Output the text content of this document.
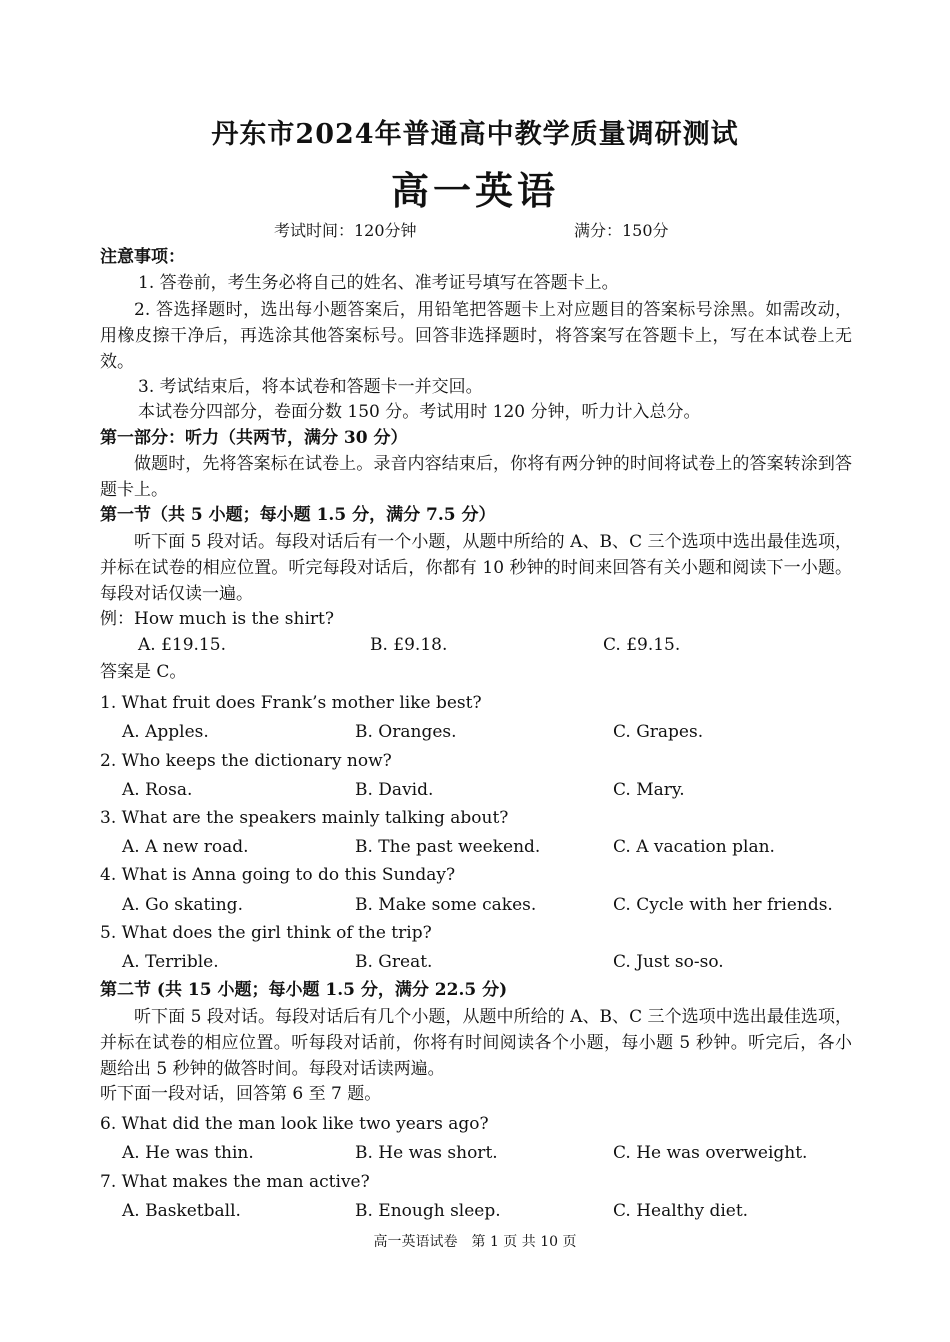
丹东市2024年普通高中教学质量调研测试
高一英语
考试时间：120分钟	满分：150分
注意事项：
1. 答卷前，考生务必将自己的姓名、准考证号填写在答题卡上。
2. 答选择题时，选出每小题答案后，用铅笔把答题卡上对应题目的答案标号涂黑。如需改动，用橡皮擦干净后，再选涂其他答案标号。回答非选择题时，将答案写在答题卡上，写在本试卷上无效。
3. 考试结束后，将本试卷和答题卡一并交回。
本试卷分四部分，卷面分数 150 分。考试用时 120 分钟，听力计入总分。
第一部分：听力（共两节，满分 30 分）
做题时，先将答案标在试卷上。录音内容结束后，你将有两分钟的时间将试卷上的答案转涂到答题卡上。
第一节（共 5 小题；每小题 1.5 分，满分 7.5 分）
听下面 5 段对话。每段对话后有一个小题，从题中所给的 A、B、C 三个选项中选出最佳选项，并标在试卷的相应位置。听完每段对话后，你都有 10 秒钟的时间来回答有关小题和阅读下一小题。每段对话仅读一遍。
例：How much is the shirt?
A. £19.15.	B. £9.18.	C. £9.15.
答案是 C。
1. What fruit does Frank’s mother like best?
A. Apples.	B. Oranges.	C. Grapes.
2. Who keeps the dictionary now?
A. Rosa.	B. David.	C. Mary.
3. What are the speakers mainly talking about?
A. A new road.	B. The past weekend.	C. A vacation plan.
4. What is Anna going to do this Sunday?
A. Go skating.	B. Make some cakes.	C. Cycle with her friends.
5. What does the girl think of the trip?
A. Terrible.	B. Great.	C. Just so-so.
第二节 (共 15 小题；每小题 1.5 分，满分 22.5 分)
听下面 5 段对话。每段对话后有几个小题，从题中所给的 A、B、C 三个选项中选出最佳选项，并标在试卷的相应位置。听每段对话前，你将有时间阅读各个小题，每小题 5 秒钟。听完后，各小题给出 5 秒钟的做答时间。每段对话读两遍。
听下面一段对话，回答第 6 至 7 题。
6. What did the man look like two years ago?
A. He was thin.	B. He was short.	C. He was overweight.
7. What makes the man active?
A. Basketball.	B. Enough sleep.	C. Healthy diet.
高一英语试卷　第 1 页 共 10 页
